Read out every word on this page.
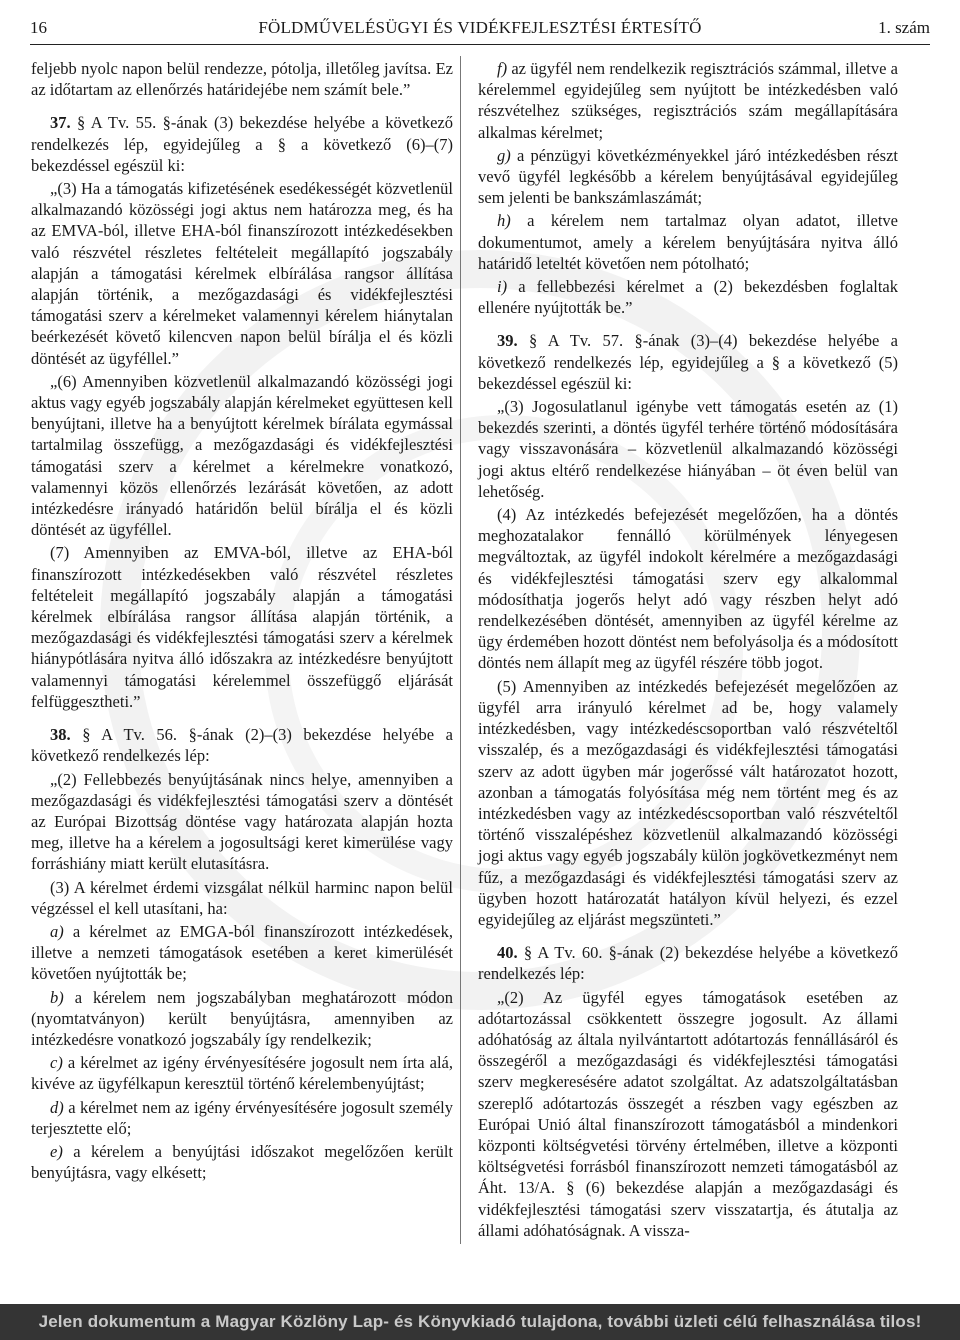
16	FÖLDMŰVELÉSÜGYI ÉS VIDÉKFEJLESZTÉSI ÉRTESÍTŐ	1. szám

feljebb nyolc napon belül rendezze, pótolja, illetőleg javítsa. Ez az időtartam az ellenőrzés határidejébe nem számít bele.”

37. § A Tv. 55. §-ának (3) bekezdése helyébe a következő rendelkezés lép, egyidejűleg a § a következő (6)–(7) bekezdéssel egészül ki:

„(3) Ha a támogatás kifizetésének esedékességét közvetlenül alkalmazandó közösségi jogi aktus nem határozza meg, és ha az EMVA-ból, illetve EHA-ból finanszírozott intézkedésekben való részvétel részletes feltételeit megállapító jogszabály alapján a támogatási kérelmek elbírálása rangsor állítása alapján történik, a mezőgazdasági és vidékfejlesztési támogatási szerv a kérelmeket valamennyi kérelem hiánytalan beérkezését követő kilencven napon belül bírálja el és közli döntését az ügyféllel.”

„(6) Amennyiben közvetlenül alkalmazandó közösségi jogi aktus vagy egyéb jogszabály alapján kérelmeket együttesen kell benyújtani, illetve ha a benyújtott kérelmek bírálata egymással tartalmilag összefügg, a mezőgazdasági és vidékfejlesztési támogatási szerv a kérelmet a kérelmekre vonatkozó, valamennyi közös ellenőrzés lezárását követően, az adott intézkedésre irányadó határidőn belül bírálja el és közli döntését az ügyféllel.

(7) Amennyiben az EMVA-ból, illetve az EHA-ból finanszírozott intézkedésekben való részvétel részletes feltételeit megállapító jogszabály alapján a támogatási kérelmek elbírálása rangsor állítása alapján történik, a mezőgazdasági és vidékfejlesztési támogatási szerv a kérelmek hiánypótlására nyitva álló időszakra az intézkedésre benyújtott valamennyi támogatási kérelemmel összefüggő eljárását felfüggesztheti.”

38. § A Tv. 56. §-ának (2)–(3) bekezdése helyébe a következő rendelkezés lép:

„(2) Fellebbezés benyújtásának nincs helye, amennyiben a mezőgazdasági és vidékfejlesztési támogatási szerv a döntését az Európai Bizottság döntése vagy határozata alapján hozta meg, illetve ha a kérelem a jogosultsági keret kimerülése vagy forráshiány miatt került elutasításra.

(3) A kérelmet érdemi vizsgálat nélkül harminc napon belül végzéssel el kell utasítani, ha:

a) a kérelmet az EMGA-ból finanszírozott intézkedések, illetve a nemzeti támogatások esetében a keret kimerülését követően nyújtották be;

b) a kérelem nem jogszabályban meghatározott módon (nyomtatványon) került benyújtásra, amennyiben az intézkedésre vonatkozó jogszabály így rendelkezik;

c) a kérelmet az igény érvényesítésére jogosult nem írta alá, kivéve az ügyfélkapun keresztül történő kérelembenyújtást;

d) a kérelmet nem az igény érvényesítésére jogosult személy terjesztette elő;

e) a kérelem a benyújtási időszakot megelőzően került benyújtásra, vagy elkésett;

f) az ügyfél nem rendelkezik regisztrációs számmal, illetve a kérelemmel egyidejűleg sem nyújtott be intézkedésben való részvételhez szükséges, regisztrációs szám megállapítására alkalmas kérelmet;

g) a pénzügyi követkézményekkel járó intézkedésben részt vevő ügyfél legkésőbb a kérelem benyújtásával egyidejűleg sem jelenti be bankszámlaszámát;

h) a kérelem nem tartalmaz olyan adatot, illetve dokumentumot, amely a kérelem benyújtására nyitva álló határidő leteltét követően nem pótolható;

i) a fellebbezési kérelmet a (2) bekezdésben foglaltak ellenére nyújtották be.”

39. § A Tv. 57. §-ának (3)–(4) bekezdése helyébe a következő rendelkezés lép, egyidejűleg a § a következő (5) bekezdéssel egészül ki:

„(3) Jogosulatlanul igénybe vett támogatás esetén az (1) bekezdés szerinti, a döntés ügyfél terhére történő módosítására vagy visszavonására – közvetlenül alkalmazandó közösségi jogi aktus eltérő rendelkezése hiányában – öt éven belül van lehetőség.

(4) Az intézkedés befejezését megelőzően, ha a döntés meghozatalakor fennálló körülmények lényegesen megváltoztak, az ügyfél indokolt kérelmére a mezőgazdasági és vidékfejlesztési támogatási szerv egy alkalommal módosíthatja jogerős helyt adó vagy részben helyt adó rendelkezésében döntését, amennyiben az ügyfél kérelme az ügy érdemében hozott döntést nem befolyásolja és a módosított döntés nem állapít meg az ügyfél részére több jogot.

(5) Amennyiben az intézkedés befejezését megelőzően az ügyfél arra irányuló kérelmet ad be, hogy valamely intézkedésben, vagy intézkedéscsoportban való részvételtől visszalép, és a mezőgazdasági és vidékfejlesztési támogatási szerv az adott ügyben már jogerőssé vált határozatot hozott, azonban a támogatás folyósítása még nem történt meg és az intézkedésben vagy az intézkedéscsoportban való részvételtől történő visszalépéshez közvetlenül alkalmazandó közösségi jogi aktus vagy egyéb jogszabály külön jogkövetkezményt nem fűz, a mezőgazdasági és vidékfejlesztési támogatási szerv az ügyben hozott határozatát hatályon kívül helyezi, és ezzel egyidejűleg az eljárást megszünteti.”

40. § A Tv. 60. §-ának (2) bekezdése helyébe a következő rendelkezés lép:

„(2) Az ügyfél egyes támogatások esetében az adótartozással csökkentett összegre jogosult. Az állami adóhatóság az általa nyilvántartott adótartozás fennállásáról és összegéről a mezőgazdasági és vidékfejlesztési támogatási szerv megkeresésére adatot szolgáltat. Az adatszolgáltatásban szereplő adótartozás összegét a részben vagy egészben az Európai Unió által finanszírozott támogatásból a mindenkori központi költségvetési törvény értelmében, illetve a központi költségvetési forrásból finanszírozott nemzeti támogatásból az Áht. 13/A. § (6) bekezdése alapján a mezőgazdasági és vidékfejlesztési támogatási szerv visszatartja, és átutalja az állami adóhatóságnak. A vissza-

Jelen dokumentum a Magyar Közlöny Lap- és Könyvkiadó tulajdona, további üzleti célú felhasználása tilos!
